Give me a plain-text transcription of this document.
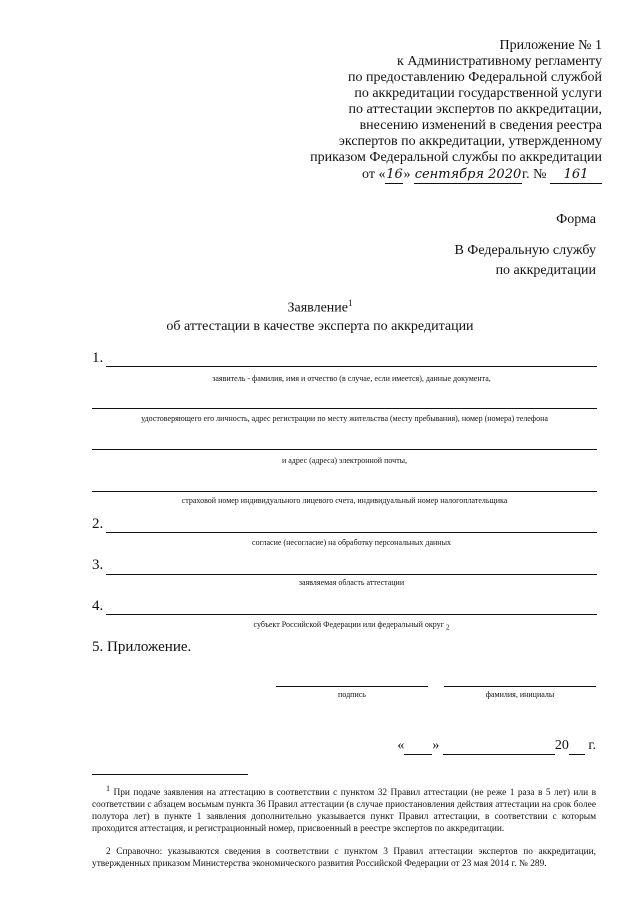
Приложение № 1
к Административному регламенту
по предоставлению Федеральной службой
по аккредитации государственной услуги
по аттестации экспертов по аккредитации,
внесению изменений в сведения реестра
экспертов по аккредитации, утвержденному
приказом Федеральной службы по аккредитации
от «16» сентября 2020г. № 161
Форма
В Федеральную службу
по аккредитации
Заявление$^1$
об аттестации в качестве эксперта по аккредитации
1.
заявитель - фамилия, имя и отчество (в случае, если имеется), данные документа,
удостоверяющего его личность, адрес регистрации по месту жительства (месту пребывания), номер (номера) телефона
и адрес (адреса) электронной почты,
страховой номер индивидуального лицевого счета, индивидуальный номер налогоплательщика
2.
согласие (несогласие) на обработку персональных данных
3.
заявляемая область аттестации
4.
субъект Российской Федерации или федеральный округ $_2$
5. Приложение.
подпись	фамилия, инициалы
« »	20 г.
$^1$ При подаче заявления на аттестацию в соответствии с пунктом 32 Правил аттестации (не реже 1 раза в 5 лет) или в соответствии с абзацем восьмым пункта 36 Правил аттестации (в случае приостановления действия аттестации на срок более полутора лет) в пункте 1 заявления дополнительно указывается пункт Правил аттестации, в соответствии с которым проходится аттестация, и регистрационный номер, присвоенный в реестре экспертов по аккредитации.
2 Справочно: указываются сведения в соответствии с пунктом 3 Правил аттестации экспертов по аккредитации, утвержденных приказом Министерства экономического развития Российской Федерации от 23 мая 2014 г. № 289.
